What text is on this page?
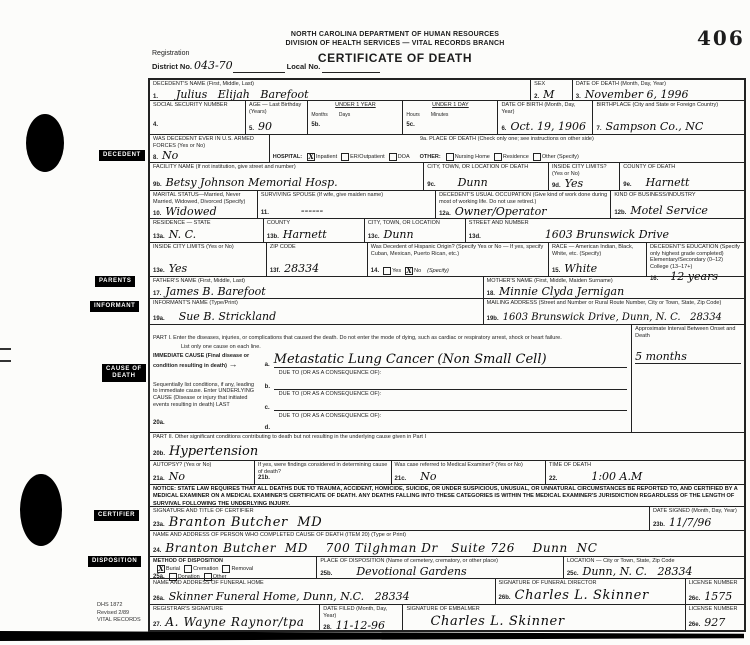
NORTH CAROLINA DEPARTMENT OF HUMAN RESOURCES
DIVISION OF HEALTH SERVICES — VITAL RECORDS BRANCH
CERTIFICATE OF DEATH
406
Registration
District No. 043-70	Local No.
DECEDENT
PARENTS
INFORMANT
CAUSE OF
DEATH
CERTIFIER
DISPOSITION
DHS 1872
Revised 2/89
VITAL RECORDS
DECEDENT'S NAME (First, Middle, Last)
1. Julius   Elijah   Barefoot
SEX
2. M
DATE OF DEATH (Month, Day, Year)
3. November 6, 1996
SOCIAL SECURITY NUMBER
4.
AGE — Last Birthday (Years)
5. 90
UNDER 1 YEAR
Months        Days
5b.
UNDER 1 DAY
Hours        Minutes
5c.
DATE OF BIRTH (Month, Day, Year)
6. Oct. 19, 1906
BIRTHPLACE (City and State or Foreign Country)
7. Sampson Co., NC
WAS DECEDENT EVER IN U.S. ARMED FORCES (Yes or No)
8. No
9a. PLACE OF DEATH (Check only one; see instructions on other side)
HOSPITAL: X Inpatient ER/Outpatient DOA OTHER:	Nursing Home Residence Other (Specify)
FACILITY NAME (If not institution, give street and number)
9b. Betsy Johnson Memorial Hosp.
CITY, TOWN, OR LOCATION OF DEATH
9c. Dunn
INSIDE CITY LIMITS? (Yes or No)
9d. Yes
COUNTY OF DEATH
9e. Harnett
MARITAL STATUS—Married, Never Married, Widowed, Divorced (Specify)
10. Widowed
SURVIVING SPOUSE (If wife, give maiden name)
11.	------
DECEDENT'S USUAL OCCUPATION (Give kind of work done during most of working life. Do not use retired.)
12a. Owner/Operator
KIND OF BUSINESS/INDUSTRY
12b. Motel Service
RESIDENCE — STATE
13a. N. C.
COUNTY
13b. Harnett
CITY, TOWN, OR LOCATION
13c. Dunn
STREET AND NUMBER
13d.	1603 Brunswick Drive
INSIDE CITY LIMITS (Yes or No)
13e. Yes
ZIP CODE
13f. 28334
Was Decedent of Hispanic Origin? (Specify Yes or No — If yes, specify Cuban, Mexican, Puerto Rican, etc.)
14. Yes X No (Specify)
RACE — American Indian, Black, White, etc. (Specify)
15. White
DECEDENT'S EDUCATION (Specify only highest grade completed) Elementary/Secondary (0–12) College (13–17+)
16. 12 years
FATHER'S NAME (First, Middle, Last)
17. James B. Barefoot
MOTHER'S NAME (First, Middle, Maiden Surname)
18. Minnie Clyda Jernigan
INFORMANT'S NAME (Type/Print)
19a. Sue B. Strickland
MAILING ADDRESS (Street and Number or Rural Route Number, City or Town, State, Zip Code)
19b. 1603 Brunswick Drive, Dunn, N. C.   28334
PART I. Enter the diseases, injuries, or complications that caused the death. Do not enter the mode of dying, such as cardiac or respiratory arrest, shock or heart failure.
List only one cause on each line.
IMMEDIATE CAUSE (Final disease or condition resulting in death) →
Sequentially list conditions, if any, leading to immediate cause. Enter UNDERLYING CAUSE (Disease or injury that initiated events resulting in death) LAST
20a.
a. Metastatic Lung Cancer (Non Small Cell)
DUE TO (OR AS A CONSEQUENCE OF):
b.
DUE TO (OR AS A CONSEQUENCE OF):
c.
DUE TO (OR AS A CONSEQUENCE OF):
d.
Approximate Interval Between Onset and Death
5 months
PART II. Other significant conditions contributing to death but not resulting in the underlying cause given in Part I
20b. Hypertension
AUTOPSY? (Yes or No)
21a. No
If yes, were findings considered in determining cause of death?
21b.
Was case referred to Medical Examiner? (Yes or No)
21c. No
TIME OF DEATH
22.	1:00 A.M
NOTICE: STATE LAW REQUIRES THAT ALL DEATHS DUE TO TRAUMA, ACCIDENT, HOMICIDE, SUICIDE, OR UNDER SUSPICIOUS, UNUSUAL, OR UNNATURAL CIRCUMSTANCES BE REPORTED TO, AND CERTIFIED BY A MEDICAL EXAMINER ON A MEDICAL EXAMINER'S CERTIFICATE OF DEATH. ANY DEATHS FALLING INTO THESE CATEGORIES IS WITHIN THE MEDICAL EXAMINER'S JURISDICTION REGARDLESS OF THE LENGTH OF SURVIVAL FOLLOWING THE UNDERLYING INJURY.
SIGNATURE AND TITLE OF CERTIFIER
23a. Branton Butcher  MD
DATE SIGNED (Month, Day, Year)
23b. 11/7/96
NAME AND ADDRESS OF PERSON WHO COMPLETED CAUSE OF DEATH (ITEM 20) (Type or Print)
24. Branton Butcher  MD    700 Tilghman Dr   Suite 726    Dunn  NC
METHOD OF DISPOSITION
X Burial Cremation Removal
25a. Donation Other
PLACE OF DISPOSITION (Name of cemetery, crematory, or other place)
25b. Devotional Gardens
LOCATION — City or Town, State, Zip Code
25c. Dunn, N. C.   28334
NAME AND ADDRESS OF FUNERAL HOME
26a. Skinner Funeral Home, Dunn, N.C.   28334
SIGNATURE OF FUNERAL DIRECTOR
26b. Charles L. Skinner
LICENSE NUMBER
26c. 1575
REGISTRAR'S SIGNATURE
27. A. Wayne Raynor/tpa
DATE FILED (Month, Day, Year)
28. 11-12-96
SIGNATURE OF EMBALMER
Charles L. Skinner
LICENSE NUMBER
26e. 927
